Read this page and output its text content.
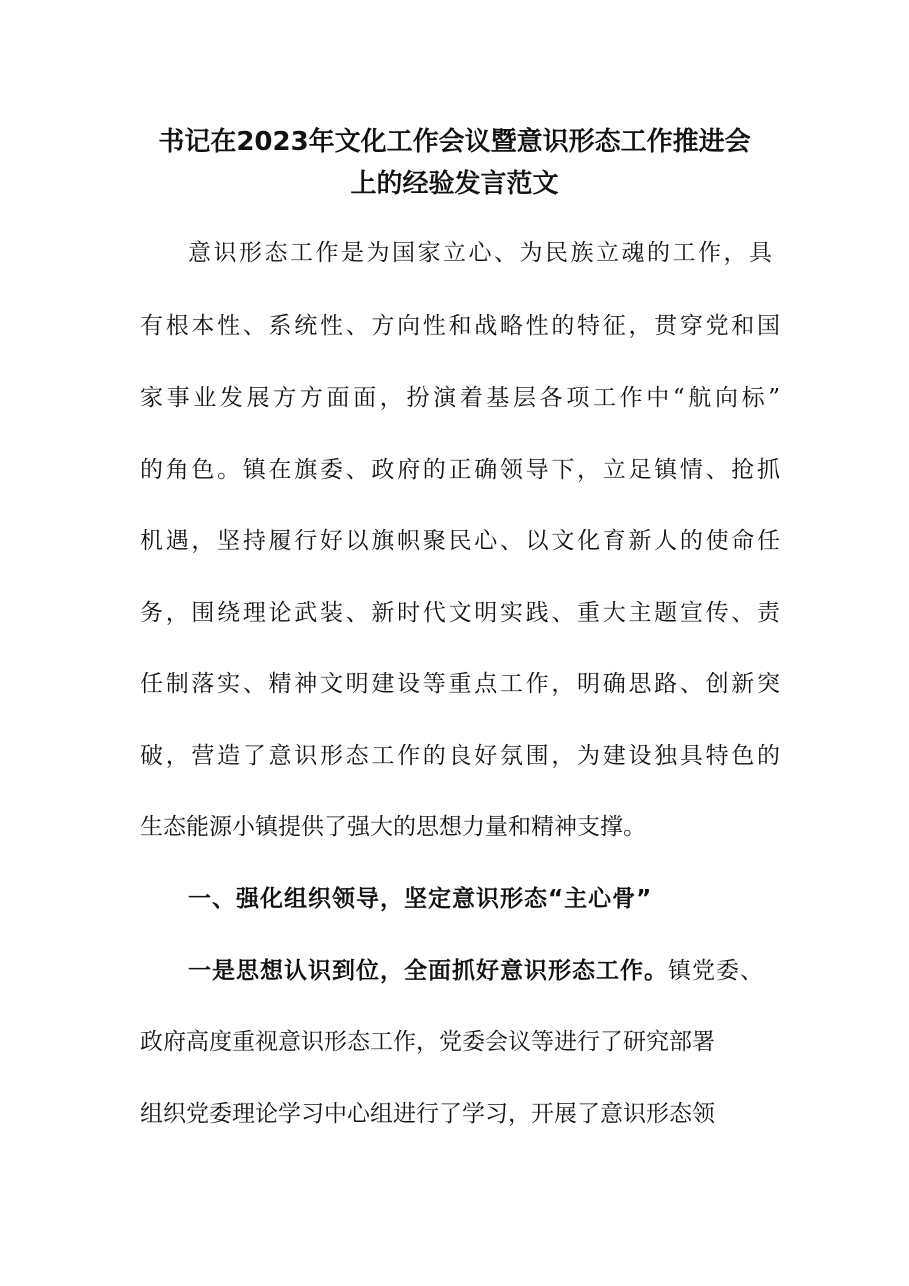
书记在2023年文化工作会议暨意识形态工作推进会
上的经验发言范文
意识形态工作是为国家立心、为民族立魂的工作，具
有根本性、系统性、方向性和战略性的特征，贯穿党和国
家事业发展方方面面，扮演着基层各项工作中“航向标”
的角色。镇在旗委、政府的正确领导下，立足镇情、抢抓
机遇，坚持履行好以旗帜聚民心、以文化育新人的使命任
务，围绕理论武装、新时代文明实践、重大主题宣传、责
任制落实、精神文明建设等重点工作，明确思路、创新突
破，营造了意识形态工作的良好氛围，为建设独具特色的
生态能源小镇提供了强大的思想力量和精神支撑。
一、强化组织领导，坚定意识形态“主心骨”
一是思想认识到位，全面抓好意识形态工作。镇党委、
政府高度重视意识形态工作，党委会议等进行了研究部署
组织党委理论学习中心组进行了学习，开展了意识形态领
